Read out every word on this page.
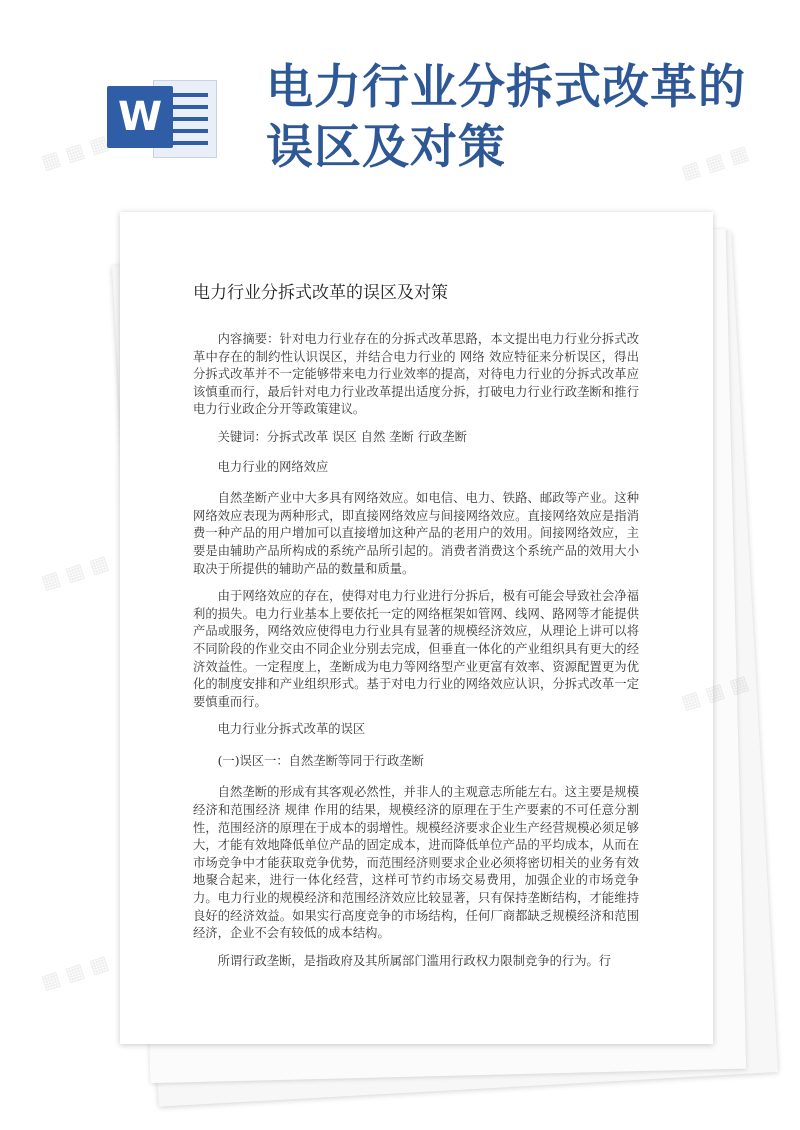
W
电力行业分拆式改革的误区及对策
电力行业分拆式改革的误区及对策

内容摘要：针对电力行业存在的分拆式改革思路，本文提出电力行业分拆式改革中存在的制约性认识误区，并结合电力行业的 网络 效应特征来分析误区，得出分拆式改革并不一定能够带来电力行业效率的提高，对待电力行业的分拆式改革应该慎重而行，最后针对电力行业改革提出适度分拆，打破电力行业行政垄断和推行电力行业政企分开等政策建议。

关键词：分拆式改革 误区 自然 垄断 行政垄断

电力行业的网络效应

自然垄断产业中大多具有网络效应。如电信、电力、铁路、邮政等产业。这种网络效应表现为两种形式，即直接网络效应与间接网络效应。直接网络效应是指消费一种产品的用户增加可以直接增加这种产品的老用户的效用。间接网络效应，主要是由辅助产品所构成的系统产品所引起的。消费者消费这个系统产品的效用大小取决于所提供的辅助产品的数量和质量。

由于网络效应的存在，使得对电力行业进行分拆后，极有可能会导致社会净福利的损失。电力行业基本上要依托一定的网络框架如管网、线网、路网等才能提供产品或服务，网络效应使得电力行业具有显著的规模经济效应，从理论上讲可以将不同阶段的作业交由不同企业分别去完成，但垂直一体化的产业组织具有更大的经济效益性。一定程度上，垄断成为电力等网络型产业更富有效率、资源配置更为优化的制度安排和产业组织形式。基于对电力行业的网络效应认识，分拆式改革一定要慎重而行。

电力行业分拆式改革的误区

(一)误区一：自然垄断等同于行政垄断

自然垄断的形成有其客观必然性，并非人的主观意志所能左右。这主要是规模经济和范围经济 规律 作用的结果，规模经济的原理在于生产要素的不可任意分割性，范围经济的原理在于成本的弱增性。规模经济要求企业生产经营规模必须足够大，才能有效地降低单位产品的固定成本，进而降低单位产品的平均成本，从而在市场竞争中才能获取竞争优势，而范围经济则要求企业必须将密切相关的业务有效地聚合起来，进行一体化经营，这样可节约市场交易费用，加强企业的市场竞争力。电力行业的规模经济和范围经济效应比较显著，只有保持垄断结构，才能维持良好的经济效益。如果实行高度竞争的市场结构，任何厂商都缺乏规模经济和范围经济，企业不会有较低的成本结构。

所谓行政垄断，是指政府及其所属部门滥用行政权力限制竞争的行为。行

▦ ▦ ▦	▦ ▦ ▦
▦ ▦ ▦
▦ ▦ ▦
